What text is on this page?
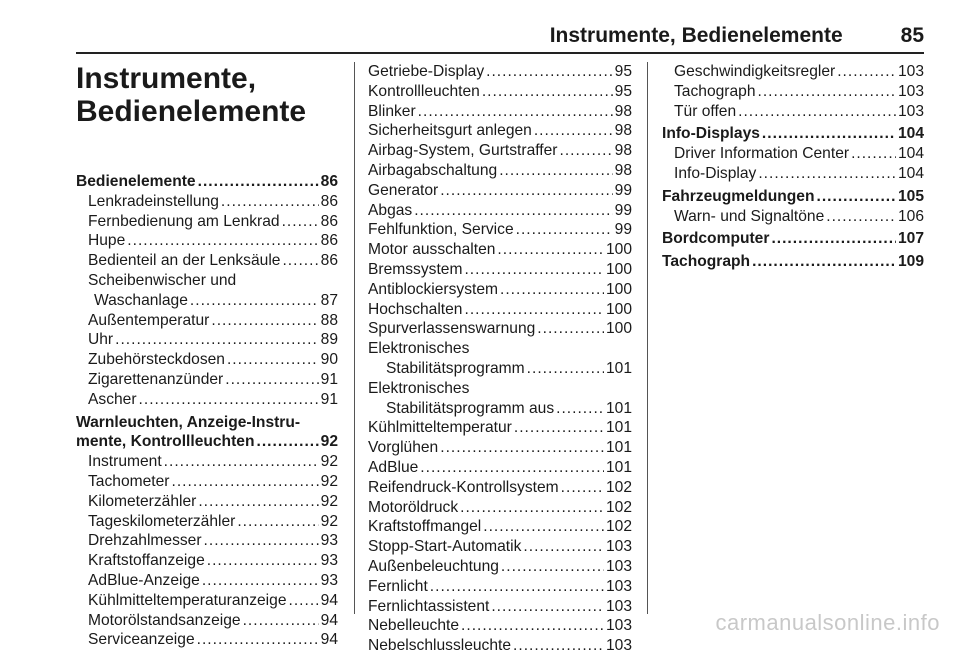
Instrumente, Bedienelemente	85
Instrumente,
Bedienelemente
Bedienelemente .....	86
Lenkradeinstellung .....	86
Fernbedienung am Lenkrad .....	86
Hupe .....	86
Bedienteil an der Lenksäule .....	86
Scheibenwischer und
Waschanlage .....	87
Außentemperatur .....	88
Uhr .....	89
Zubehörsteckdosen .....	90
Zigarettenanzünder .....	91
Ascher .....	91
Warnleuchten, Anzeige-Instru-
mente, Kontrollleuchten .....	92
Instrument .....	92
Tachometer .....	92
Kilometerzähler .....	92
Tageskilometerzähler .....	92
Drehzahlmesser .....	93
Kraftstoffanzeige .....	93
AdBlue-Anzeige .....	93
Kühlmitteltemperaturanzeige ..... 94
Motorölstandsanzeige .....	94
Serviceanzeige .....	94
Getriebe-Display .....	95
Kontrollleuchten .....	95
Blinker .....	98
Sicherheitsgurt anlegen .....	98
Airbag-System, Gurtstraffer .....	98
Airbagabschaltung .....	98
Generator .....	99
Abgas .....	99
Fehlfunktion, Service .....	99
Motor ausschalten .....	100
Bremssystem .....	100
Antiblockiersystem .....	100
Hochschalten .....	100
Spurverlassenswarnung .....	100
Elektronisches
Stabilitätsprogramm .....	101
Elektronisches
Stabilitätsprogramm aus .....	101
Kühlmitteltemperatur .....	101
Vorglühen .....	101
AdBlue .....	101
Reifendruck-Kontrollsystem .....	102
Motoröldruck .....	102
Kraftstoffmangel .....	102
Stopp-Start-Automatik .....	103
Außenbeleuchtung .....	103
Fernlicht .....	103
Fernlichtassistent .....	103
Nebelleuchte .....	103
Nebelschlussleuchte .....	103
Geschwindigkeitsregler .....	103
Tachograph .....	103
Tür offen .....	103
Info-Displays .....	104
Driver Information Center .....	104
Info-Display .....	104
Fahrzeugmeldungen .....	105
Warn- und Signaltöne .....	106
Bordcomputer .....	107
Tachograph .....	109
carmanualsonline.info
